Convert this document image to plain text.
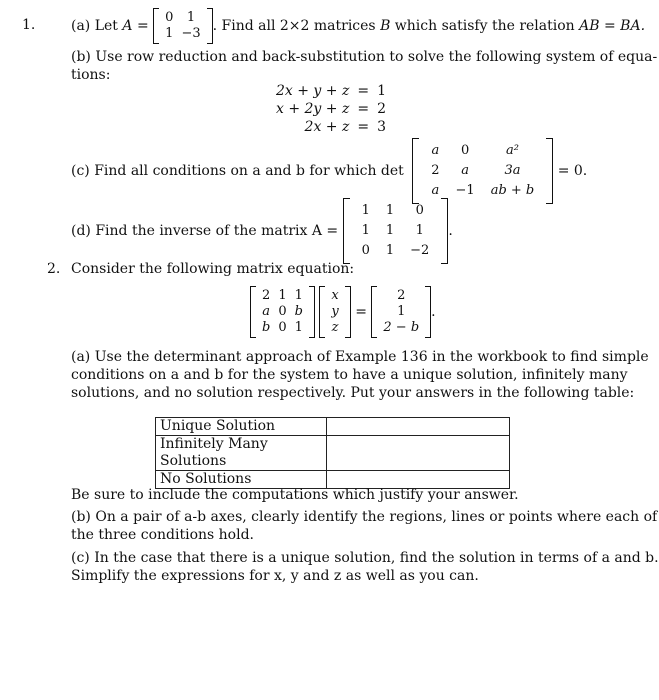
1.	(a) Let A =
0	1
1	−3 . Find all 2×2 matrices B which satisfy the relation AB = BA.
(b) Use row reduction and back-substitution to solve the following system of equa-
tions:
2x + y + z	=	1
x + 2y + z	=	2
2x + z	=	3
(c) Find all conditions on a and b for which det
a	0	a²
2	a	3a
a	−1	ab + b
= 0.
(d) Find the inverse of the matrix A =
1	1	0
1	1	1
0	1	−2
.
2. Consider the following matrix equation:
2	1	1
a	0	b
b	0	1

x
y
z
=
2
1
2 − b
.
(a) Use the determinant approach of Example 136 in the workbook to find simple
conditions on a and b for the system to have a unique solution, infinitely many
solutions, and no solution respectively. Put your answers in the following table:
Unique Solution	
Infinitely Many Solutions	
No Solutions	
Be sure to include the computations which justify your answer.
(b) On a pair of a-b axes, clearly identify the regions, lines or points where each of
the three conditions hold.
(c) In the case that there is a unique solution, find the solution in terms of a and b.
Simplify the expressions for x, y and z as well as you can.
